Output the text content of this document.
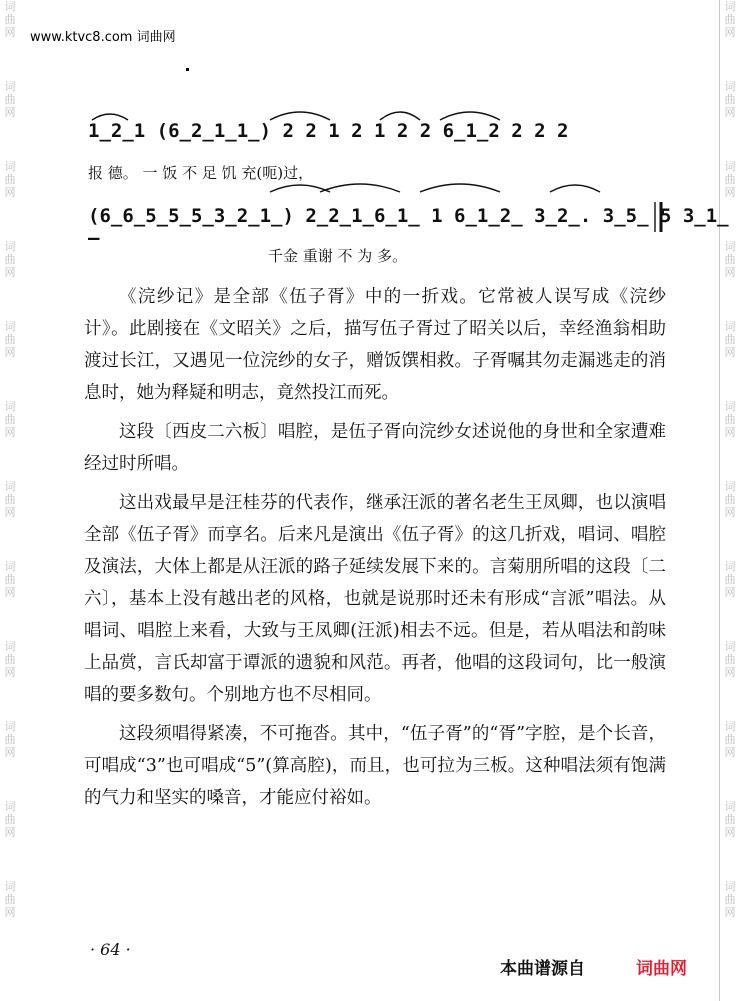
词曲网
词曲网
词曲网
词曲网
词曲网
词曲网
词曲网
词曲网
词曲网
词曲网
词曲网
词曲网
词曲网
词曲网
词曲网
词曲网
词曲网
词曲网
词曲网
词曲网
词曲网
词曲网
词曲网
词曲网
www.ktvc8.com 词曲网
1̲2̲1 (6̲2̲1̲1̲) 2 2 1 2 1 2 2 6̲1̲2 2 2 2
报 德。 一 饭 不 足 饥 充(呃)过，
(6̲6̲5̲5̲5̲3̲2̲1̲) 2̲2̲1̲6̲1̲ 1 6̲1̲2̲ 3̲2̲. 3̲5̲ 5 3̲1̲ –
千金 重谢 不 为 多。

《浣纱记》是全部《伍子胥》中的一折戏。它常被人误写成《浣纱计》。此剧接在《文昭关》之后，描写伍子胥过了昭关以后，幸经渔翁相助渡过长江，又遇见一位浣纱的女子，赠饭馔相救。子胥嘱其勿走漏逃走的消息时，她为释疑和明志，竟然投江而死。

这段〔西皮二六板〕唱腔，是伍子胥向浣纱女述说他的身世和全家遭难经过时所唱。

这出戏最早是汪桂芬的代表作，继承汪派的著名老生王凤卿，也以演唱全部《伍子胥》而享名。后来凡是演出《伍子胥》的这几折戏，唱词、唱腔及演法，大体上都是从汪派的路子延续发展下来的。言菊朋所唱的这段〔二六〕，基本上没有越出老的风格，也就是说那时还未有形成“言派”唱法。从唱词、唱腔上来看，大致与王凤卿(汪派)相去不远。但是，若从唱法和韵味上品赏，言氏却富于谭派的遗貌和风范。再者，他唱的这段词句，比一般演唱的要多数句。个别地方也不尽相同。

这段须唱得紧凑，不可拖沓。其中，“伍子胥”的“胥”字腔，是个长音，可唱成“3”也可唱成“5”(算高腔)，而且，也可拉为三板。这种唱法须有饱满的气力和坚实的嗓音，才能应付裕如。

· 64 ·
本曲谱源自	词曲网
